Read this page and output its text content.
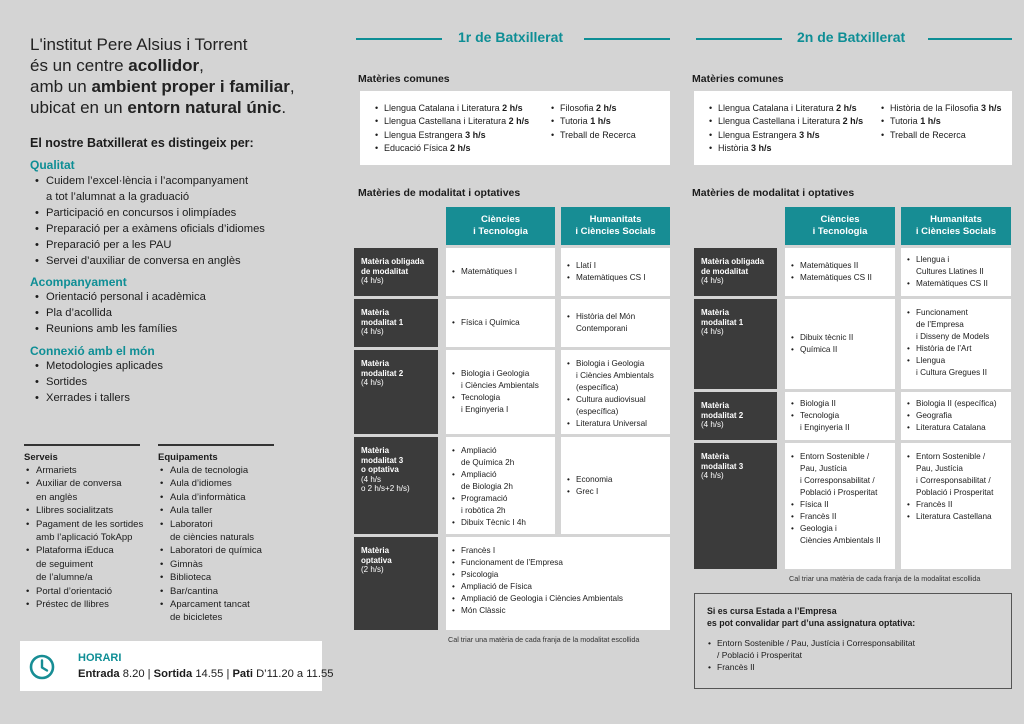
L'institut Pere Alsius i Torrent
és un centre acollidor,
amb un ambient proper i familiar,
ubicat en un entorn natural únic.
El nostre Batxillerat es distingeix per:
Qualitat
• Cuidem l’excel·lència i l’acompanyament
a tot l’alumnat a la graduació
• Participació en concursos i olimpíades
• Preparació per a exàmens oficials d’idiomes
• Preparació per a les PAU
• Servei d’auxiliar de conversa en anglès
Acompanyament
• Orientació personal i acadèmica
• Pla d’acollida
• Reunions amb les famílies
Connexió amb el món
• Metodologies aplicades
• Sortides
• Xerrades i tallers
Serveis
• Armariets
• Auxiliar de conversa
en anglès
• Llibres socialitzats
• Pagament de les sortides
amb l’aplicació TokApp
• Plataforma iEduca
de seguiment
de l’alumne/a
• Portal d’orientació
• Préstec de llibres
Equipaments
• Aula de tecnologia
• Aula d’idiomes
• Aula d’informàtica
• Aula taller
• Laboratori
de ciències naturals
• Laboratori de química
• Gimnàs
• Biblioteca
• Bar/cantina
• Aparcament tancat
de bicicletes
HORARI
Entrada 8.20 | Sortida 14.55 | Pati D’11.20 a 11.55
1r de Batxillerat
Matèries comunes
• Llengua Catalana i Literatura 2 h/s
• Llengua Castellana i Literatura 2 h/s
• Llengua Estrangera 3 h/s
• Educació Física 2 h/s
• Filosofia 2 h/s
• Tutoria 1 h/s
• Treball de Recerca
Matèries de modalitat i optatives
Ciències
i Tecnologia
Humanitats
i Ciències Socials
Matèria obligada
de modalitat
(4 h/s)
• Matemàtiques I
• Llatí I
• Matemàtiques CS I
Matèria
modalitat 1
(4 h/s)
• Física i Química
• Història del Món
Contemporani
Matèria
modalitat 2
(4 h/s)
• Biologia i Geologia
i Ciències Ambientals
• Tecnologia
i Enginyeria I
• Biologia i Geologia
i Ciències Ambientals
(específica)
• Cultura audiovisual
(específica)
• Literatura Universal
Matèria
modalitat 3
o optativa
(4 h/s
o 2 h/s+2 h/s)
• Ampliació
de Química 2h
• Ampliació
de Biologia 2h
• Programació
i robòtica 2h
• Dibuix Tècnic I 4h
• Economia
• Grec I
Matèria
optativa
(2 h/s)
• Francès I
• Funcionament de l’Empresa
• Psicologia
• Ampliació de Física
• Ampliació de Geologia i Ciències Ambientals
• Món Clàssic
Cal triar una matèria de cada franja de la modalitat escollida
2n de Batxillerat
Matèries comunes
• Llengua Catalana i Literatura 2 h/s
• Llengua Castellana i Literatura 2 h/s
• Llengua Estrangera 3 h/s
• Història 3 h/s
• Història de la Filosofia 3 h/s
• Tutoria 1 h/s
• Treball de Recerca
Matèries de modalitat i optatives
Ciències
i Tecnologia
Humanitats
i Ciències Socials
Matèria obligada
de modalitat
(4 h/s)
• Matemàtiques II
• Matemàtiques CS II
• Llengua i
Cultures Llatines II
• Matemàtiques CS II
Matèria
modalitat 1
(4 h/s)
• Dibuix tècnic II
• Química II
• Funcionament
de l’Empresa
i Disseny de Models
• Història de l’Art
• Llengua
i Cultura Gregues II
Matèria
modalitat 2
(4 h/s)
• Biologia II
• Tecnologia
i Enginyeria II
• Biologia II (específica)
• Geografia
• Literatura Catalana
Matèria
modalitat 3
(4 h/s)
• Entorn Sostenible /
Pau, Justícia
i Corresponsabilitat /
Població i Prosperitat
• Física II
• Francès II
• Geologia i
Ciències Ambientals II
• Entorn Sostenible /
Pau, Justícia
i Corresponsabilitat /
Població i Prosperitat
• Francès II
• Literatura Castellana
Cal triar una matèria de cada franja de la modalitat escollida
Si es cursa Estada a l’Empresa
es pot convalidar part d’una assignatura optativa:
• Entorn Sostenible / Pau, Justícia i Corresponsabilitat
/ Població i Prosperitat
• Francès II
